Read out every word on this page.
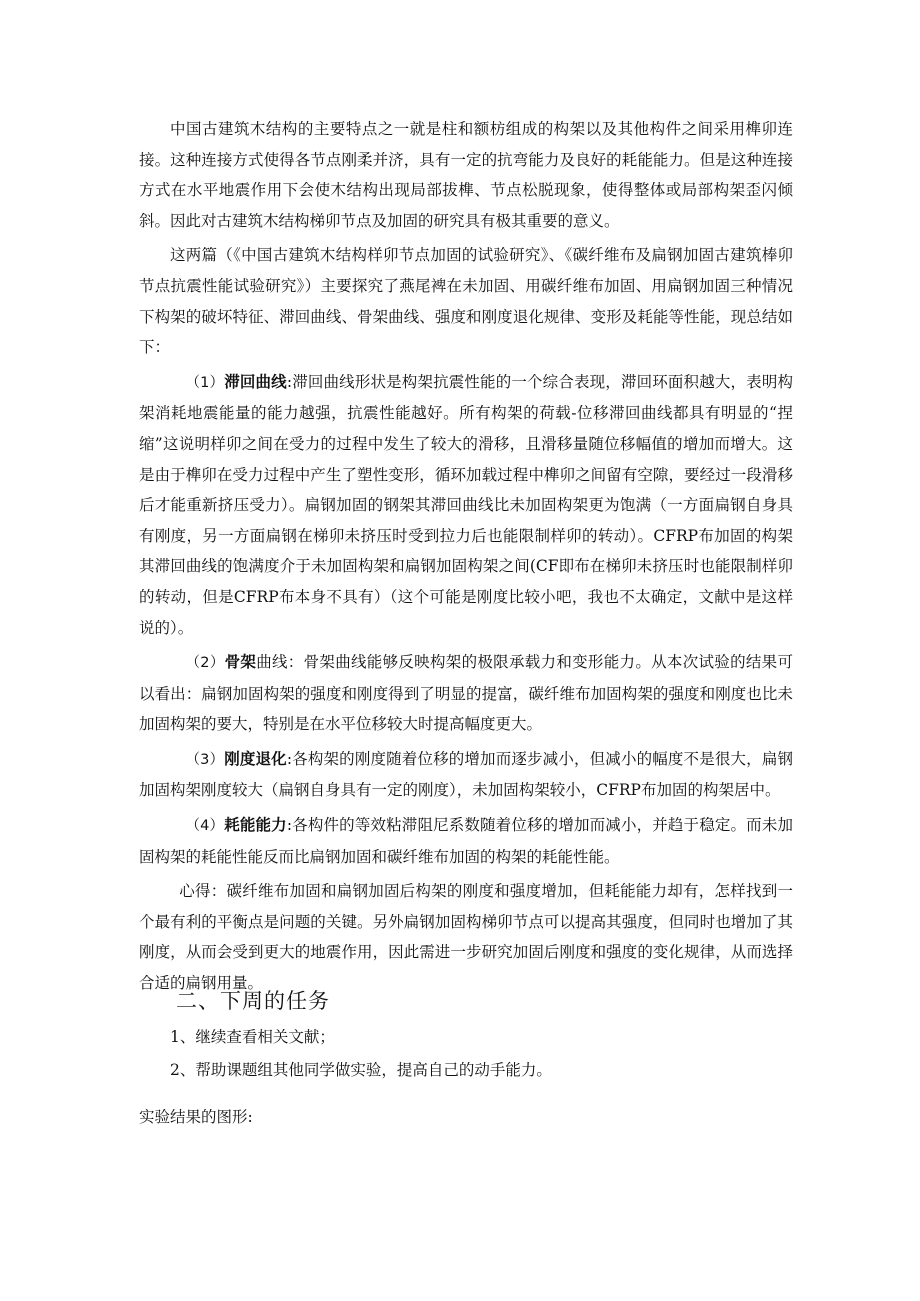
中国古建筑木结构的主要特点之一就是柱和额枋组成的构架以及其他构件之间采用榫卯连接。这种连接方式使得各节点刚柔并济，具有一定的抗弯能力及良好的耗能能力。但是这种连接方式在水平地震作用下会使木结构出现局部拔榫、节点松脱现象，使得整体或局部构架歪闪倾斜。因此对古建筑木结构梯卯节点及加固的研究具有极其重要的意义。

这两篇（《中国古建筑木结构样卯节点加固的试验研究》、《碳纤维布及扁钢加固古建筑棒卯节点抗震性能试验研究》）主要探究了燕尾裨在未加固、用碳纤维布加固、用扁钢加固三种情况下构架的破坏特征、滞回曲线、骨架曲线、强度和刚度退化规律、变形及耗能等性能，现总结如下：

（1）滞回曲线:滞回曲线形状是构架抗震性能的一个综合表现，滞回环面积越大，表明构架消耗地震能量的能力越强，抗震性能越好。所有构架的荷载-位移滞回曲线都具有明显的“捏缩”这说明样卯之间在受力的过程中发生了较大的滑移，且滑移量随位移幅值的增加而增大。这是由于榫卯在受力过程中产生了塑性变形，循环加载过程中榫卯之间留有空隙，要经过一段滑移后才能重新挤压受力）。扁钢加固的钢架其滞回曲线比未加固构架更为饱满（一方面扁钢自身具有刚度，另一方面扁钢在梯卯未挤压时受到拉力后也能限制样卯的转动）。CFRP布加固的构架其滞回曲线的饱满度介于未加固构架和扁钢加固构架之间(CF即布在梯卯未挤压时也能限制样卯的转动，但是CFRP布本身不具有）（这个可能是刚度比较小吧，我也不太确定，文献中是这样说的）。

（2）骨架曲线：骨架曲线能够反映构架的极限承载力和变形能力。从本次试验的结果可以看出：扁钢加固构架的强度和刚度得到了明显的提富，碳纤维布加固构架的强度和刚度也比未加固构架的要大，特别是在水平位移较大时提高幅度更大。

（3）刚度退化:各构架的刚度随着位移的增加而逐步减小，但减小的幅度不是很大，扁钢加固构架刚度较大（扁钢自身具有一定的刚度），未加固构架较小，CFRP布加固的构架居中。

（4）耗能能力:各构件的等效粘滞阻尼系数随着位移的增加而减小，并趋于稳定。而未加固构架的耗能性能反而比扁钢加固和碳纤维布加固的构架的耗能性能。

心得：碳纤维布加固和扁钢加固后构架的刚度和强度增加，但耗能能力却有，怎样找到一个最有利的平衡点是问题的关键。另外扁钢加固构梯卯节点可以提高其强度，但同时也增加了其刚度，从而会受到更大的地震作用，因此需进一步研究加固后刚度和强度的变化规律，从而选择合适的扁钢用量。

二、下周的任务
1、继续查看相关文献；
2、帮助课题组其他同学做实验，提高自己的动手能力。

实验结果的图形:
